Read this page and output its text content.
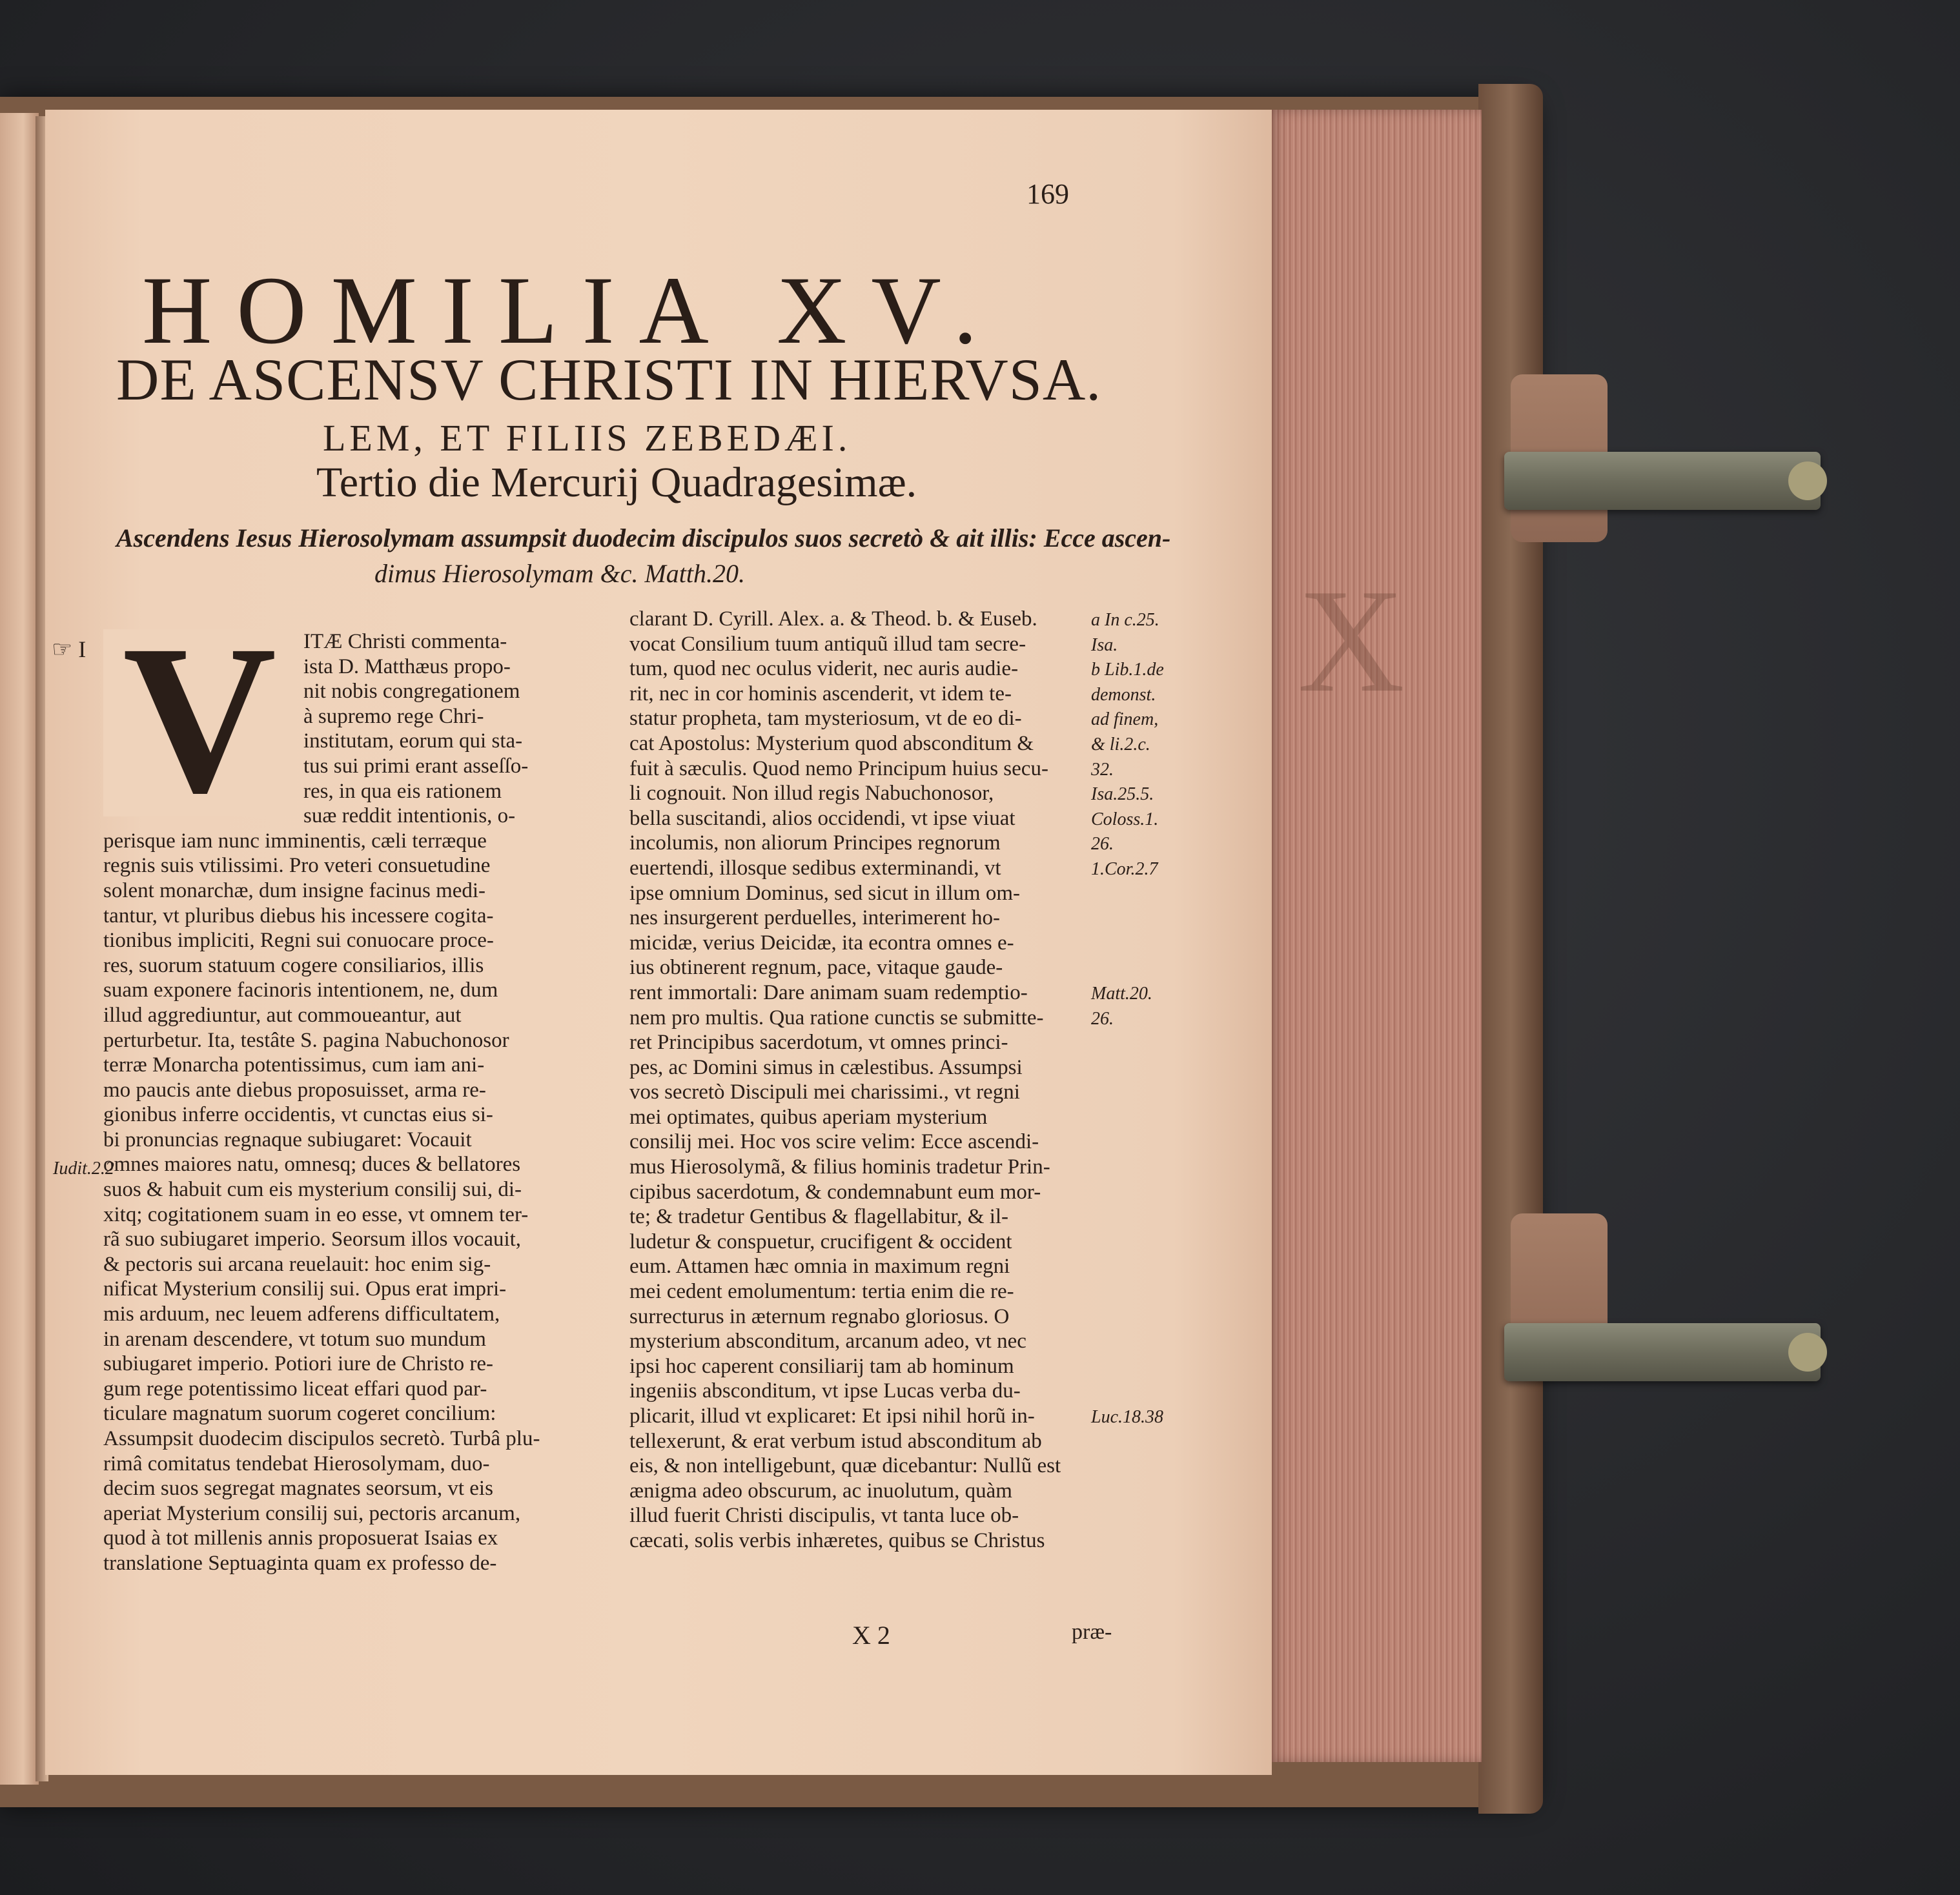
X
169
HOMILIA XV.
DE ASCENSV CHRISTI IN HIERVSA.
LEM, ET FILIIS ZEBEDÆI.
Tertio die Mercurij Quadragesimæ.
Ascendens Iesus Hierosolymam assumpsit duodecim discipulos suos secretò & ait illis: Ecce ascen-
dimus Hierosolymam &c. Matth.20.
☞ I
Iudit.2.2
ITÆ Christi commenta-
ista D. Matthæus propo-
nit nobis congregationem
à supremo rege Chri-
institutam, eorum qui sta-
tus sui primi erant asseſſo-
res, in qua eis rationem
suæ reddit intentionis, o-
perisque iam nunc imminentis, cæli terræque
regnis suis vtilissimi. Pro veteri consuetudine
solent monarchæ, dum insigne facinus medi-
tantur, vt pluribus diebus his incessere cogita-
tionibus impliciti, Regni sui conuocare proce-
res, suorum statuum cogere consiliarios, illis
suam exponere facinoris intentionem, ne, dum
illud aggrediuntur, aut commoueantur, aut
perturbetur. Ita, testâte S. pagina Nabuchonosor
terræ Monarcha potentissimus, cum iam ani-
mo paucis ante diebus proposuisset, arma re-
gionibus inferre occidentis, vt cunctas eius si-
bi pronuncias regnaque subiugaret: Vocauit
omnes maiores natu, omnesq; duces & bellatores
suos & habuit cum eis mysterium consilij sui, di-
xitq; cogitationem suam in eo esse, vt omnem ter-
rã suo subiugaret imperio. Seorsum illos vocauit,
& pectoris sui arcana reuelauit: hoc enim sig-
nificat Mysterium consilij sui. Opus erat impri-
mis arduum, nec leuem adferens difficultatem,
in arenam descendere, vt totum suo mundum
subiugaret imperio. Potiori iure de Christo re-
gum rege potentissimo liceat effari quod par-
ticulare magnatum suorum cogeret concilium:
Assumpsit duodecim discipulos secretò. Turbâ plu-
rimâ comitatus tendebat Hierosolymam, duo-
decim suos segregat magnates seorsum, vt eis
aperiat Mysterium consilij sui, pectoris arcanum,
quod à tot millenis annis proposuerat Isaias ex
translatione Septuaginta quam ex professo de-
V	clarant D. Cyrill. Alex. a. & Theod. b. & Euseb.
vocat Consilium tuum antiquũ illud tam secre-
tum, quod nec oculus viderit, nec auris audie-
rit, nec in cor hominis ascenderit, vt idem te-
statur propheta, tam mysteriosum, vt de eo di-
cat Apostolus: Mysterium quod absconditum &
fuit à sæculis. Quod nemo Principum huius secu-
li cognouit. Non illud regis Nabuchonosor,
bella suscitandi, alios occidendi, vt ipse viuat
incolumis, non aliorum Principes regnorum
euertendi, illosque sedibus exterminandi, vt
ipse omnium Dominus, sed sicut in illum om-
nes insurgerent perduelles, interimerent ho-
micidæ, verius Deicidæ, ita econtra omnes e-
ius obtinerent regnum, pace, vitaque gaude-
rent immortali: Dare animam suam redemptio-
nem pro multis. Qua ratione cunctis se submitte-
ret Principibus sacerdotum, vt omnes princi-
pes, ac Domini simus in cælestibus. Assumpsi
vos secretò Discipuli mei charissimi., vt regni
mei optimates, quibus aperiam mysterium
consilij mei. Hoc vos scire velim: Ecce ascendi-
mus Hierosolymã, & filius hominis tradetur Prin-
cipibus sacerdotum, & condemnabunt eum mor-
te; & tradetur Gentibus & flagellabitur, & il-
ludetur & conspuetur, crucifigent & occident
eum. Attamen hæc omnia in maximum regni
mei cedent emolumentum: tertia enim die re-
surrecturus in æternum regnabo gloriosus. O
mysterium absconditum, arcanum adeo, vt nec
ipsi hoc caperent consiliarij tam ab hominum
ingeniis absconditum, vt ipse Lucas verba du-
plicarit, illud vt explicaret: Et ipsi nihil horũ in-
tellexerunt, & erat verbum istud absconditum ab
eis, & non intelligebunt, quæ dicebantur: Nullũ est
ænigma adeo obscurum, ac inuolutum, quàm
illud fuerit Christi discipulis, vt tanta luce ob-
cæcati, solis verbis inhæretes, quibus se Christus
a In c.25.
Isa.
b Lib.1.de
demonst.
ad finem,
& li.2.c.
32.
Isa.25.5.
Coloss.1.
26.
1.Cor.2.7
Matt.20.
26.
Luc.18.38
X 2	præ-
